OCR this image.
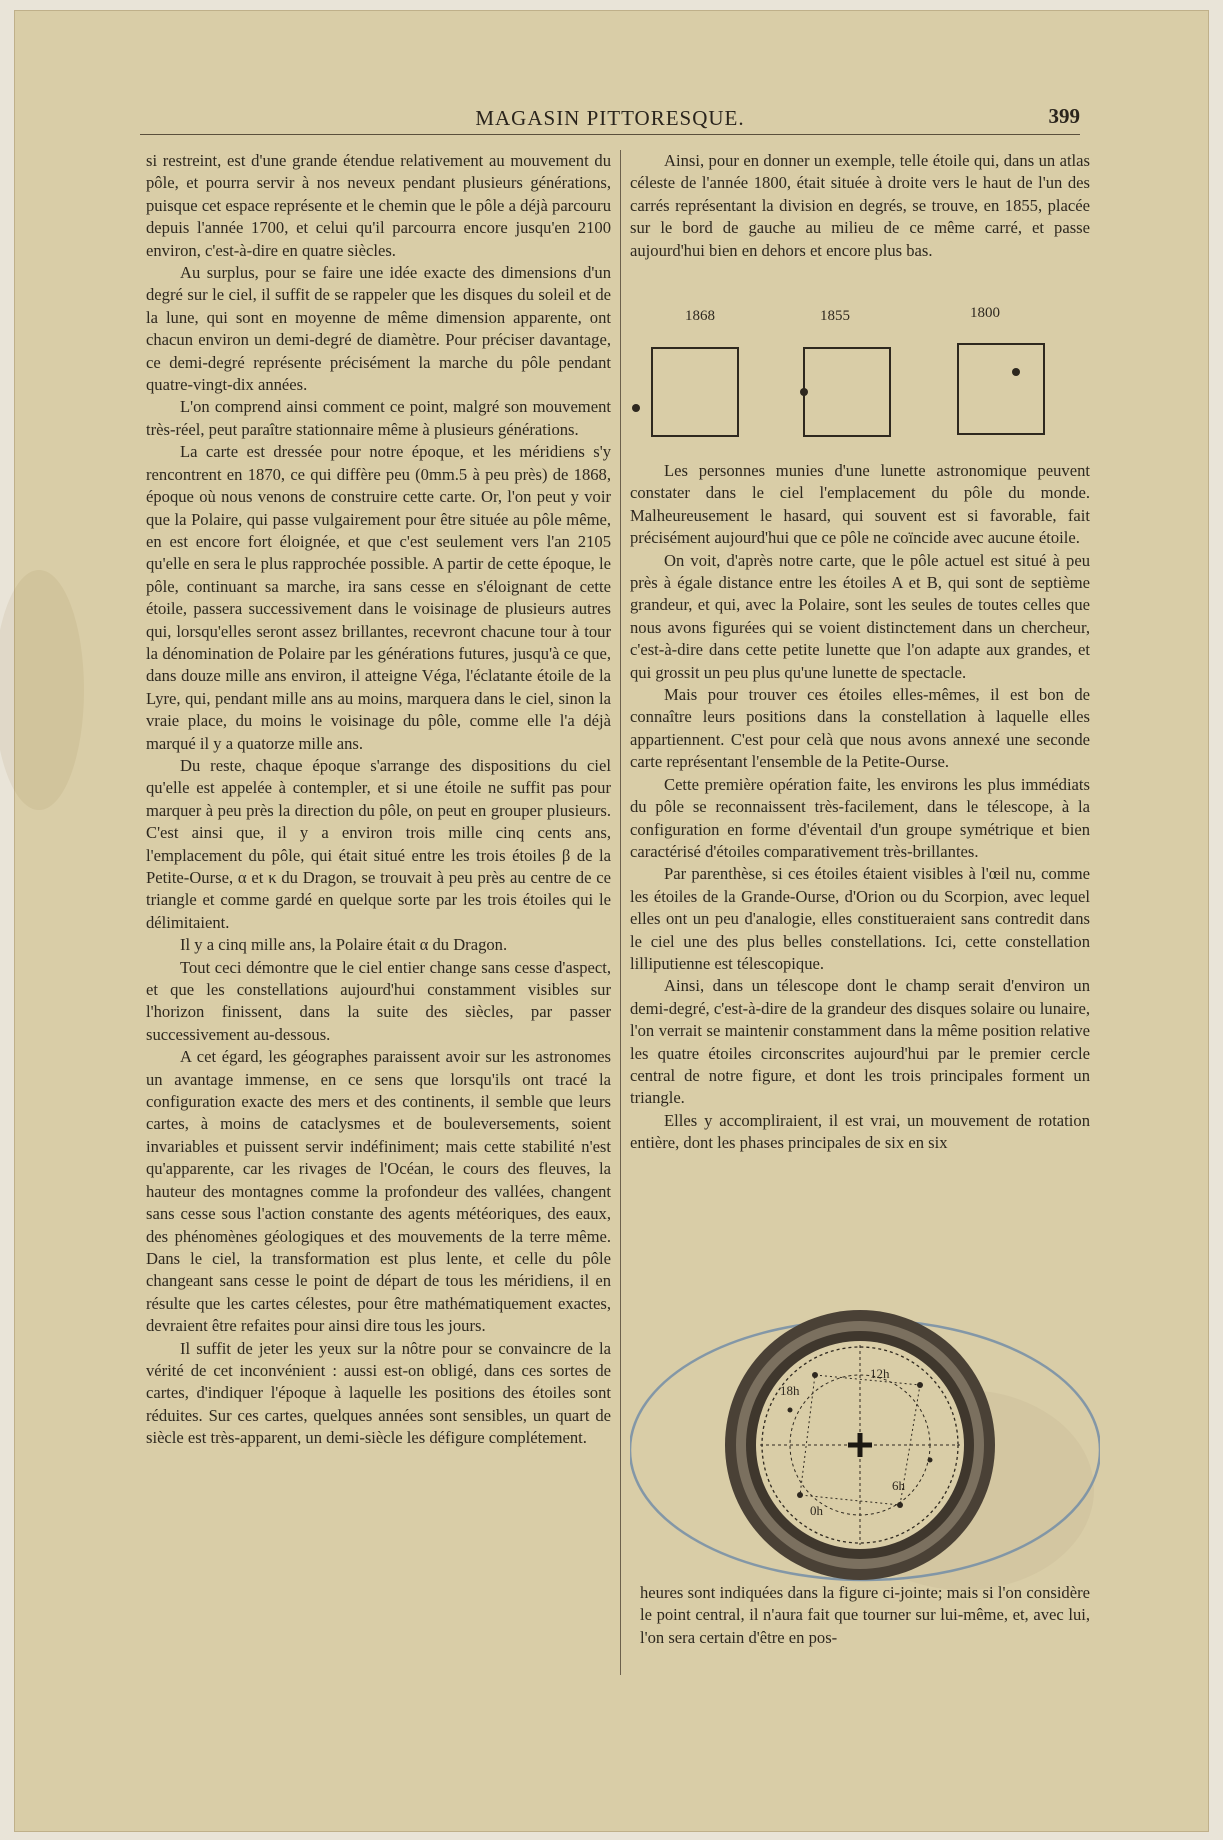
MAGASIN PITTORESQUE.	399

si restreint, est d'une grande étendue relativement au mouvement du pôle, et pourra servir à nos neveux pendant plusieurs générations, puisque cet espace représente et le chemin que le pôle a déjà parcouru depuis l'année 1700, et celui qu'il parcourra encore jusqu'en 2100 environ, c'est-à-dire en quatre siècles.

Au surplus, pour se faire une idée exacte des dimensions d'un degré sur le ciel, il suffit de se rappeler que les disques du soleil et de la lune, qui sont en moyenne de même dimension apparente, ont chacun environ un demi-degré de diamètre. Pour préciser davantage, ce demi-degré représente précisément la marche du pôle pendant quatre-vingt-dix années.

L'on comprend ainsi comment ce point, malgré son mouvement très-réel, peut paraître stationnaire même à plusieurs générations.

La carte est dressée pour notre époque, et les méridiens s'y rencontrent en 1870, ce qui diffère peu (0mm.5 à peu près) de 1868, époque où nous venons de construire cette carte. Or, l'on peut y voir que la Polaire, qui passe vulgairement pour être située au pôle même, en est encore fort éloignée, et que c'est seulement vers l'an 2105 qu'elle en sera le plus rapprochée possible. A partir de cette époque, le pôle, continuant sa marche, ira sans cesse en s'éloignant de cette étoile, passera successivement dans le voisinage de plusieurs autres qui, lorsqu'elles seront assez brillantes, recevront chacune tour à tour la dénomination de Polaire par les générations futures, jusqu'à ce que, dans douze mille ans environ, il atteigne Véga, l'éclatante étoile de la Lyre, qui, pendant mille ans au moins, marquera dans le ciel, sinon la vraie place, du moins le voisinage du pôle, comme elle l'a déjà marqué il y a quatorze mille ans.

Du reste, chaque époque s'arrange des dispositions du ciel qu'elle est appelée à contempler, et si une étoile ne suffit pas pour marquer à peu près la direction du pôle, on peut en grouper plusieurs. C'est ainsi que, il y a environ trois mille cinq cents ans, l'emplacement du pôle, qui était situé entre les trois étoiles β de la Petite-Ourse, α et κ du Dragon, se trouvait à peu près au centre de ce triangle et comme gardé en quelque sorte par les trois étoiles qui le délimitaient.

Il y a cinq mille ans, la Polaire était α du Dragon.

Tout ceci démontre que le ciel entier change sans cesse d'aspect, et que les constellations aujourd'hui constamment visibles sur l'horizon finissent, dans la suite des siècles, par passer successivement au-dessous.

A cet égard, les géographes paraissent avoir sur les astronomes un avantage immense, en ce sens que lorsqu'ils ont tracé la configuration exacte des mers et des continents, il semble que leurs cartes, à moins de cataclysmes et de bouleversements, soient invariables et puissent servir indéfiniment; mais cette stabilité n'est qu'apparente, car les rivages de l'Océan, le cours des fleuves, la hauteur des montagnes comme la profondeur des vallées, changent sans cesse sous l'action constante des agents météoriques, des eaux, des phénomènes géologiques et des mouvements de la terre même. Dans le ciel, la transformation est plus lente, et celle du pôle changeant sans cesse le point de départ de tous les méridiens, il en résulte que les cartes célestes, pour être mathématiquement exactes, devraient être refaites pour ainsi dire tous les jours.

Il suffit de jeter les yeux sur la nôtre pour se convaincre de la vérité de cet inconvénient : aussi est-on obligé, dans ces sortes de cartes, d'indiquer l'époque à laquelle les positions des étoiles sont réduites. Sur ces cartes, quelques années sont sensibles, un quart de siècle est très-apparent, un demi-siècle les défigure complétement.

Ainsi, pour en donner un exemple, telle étoile qui, dans un atlas céleste de l'année 1800, était située à droite vers le haut de l'un des carrés représentant la division en degrés, se trouve, en 1855, placée sur le bord de gauche au milieu de ce même carré, et passe aujourd'hui bien en dehors et encore plus bas.

1868	1855	1800

Les personnes munies d'une lunette astronomique peuvent constater dans le ciel l'emplacement du pôle du monde. Malheureusement le hasard, qui souvent est si favorable, fait précisément aujourd'hui que ce pôle ne coïncide avec aucune étoile.

On voit, d'après notre carte, que le pôle actuel est situé à peu près à égale distance entre les étoiles A et B, qui sont de septième grandeur, et qui, avec la Polaire, sont les seules de toutes celles que nous avons figurées qui se voient distinctement dans un chercheur, c'est-à-dire dans cette petite lunette que l'on adapte aux grandes, et qui grossit un peu plus qu'une lunette de spectacle.

Mais pour trouver ces étoiles elles-mêmes, il est bon de connaître leurs positions dans la constellation à laquelle elles appartiennent. C'est pour celà que nous avons annexé une seconde carte représentant l'ensemble de la Petite-Ourse.

Cette première opération faite, les environs les plus immédiats du pôle se reconnaissent très-facilement, dans le télescope, à la configuration en forme d'éventail d'un groupe symétrique et bien caractérisé d'étoiles comparativement très-brillantes.

Par parenthèse, si ces étoiles étaient visibles à l'œil nu, comme les étoiles de la Grande-Ourse, d'Orion ou du Scorpion, avec lequel elles ont un peu d'analogie, elles constitueraient sans contredit dans le ciel une des plus belles constellations. Ici, cette constellation lilliputienne est télescopique.

Ainsi, dans un télescope dont le champ serait d'environ un demi-degré, c'est-à-dire de la grandeur des disques solaire ou lunaire, l'on verrait se maintenir constamment dans la même position relative les quatre étoiles circonscrites aujourd'hui par le premier cercle central de notre figure, et dont les trois principales forment un triangle.

Elles y accompliraient, il est vrai, un mouvement de rotation entière, dont les phases principales de six en six

18h
12h
0h
6h

heures sont indiquées dans la figure ci-jointe; mais si l'on considère le point central, il n'aura fait que tourner sur lui-même, et, avec lui, l'on sera certain d'être en pos-
